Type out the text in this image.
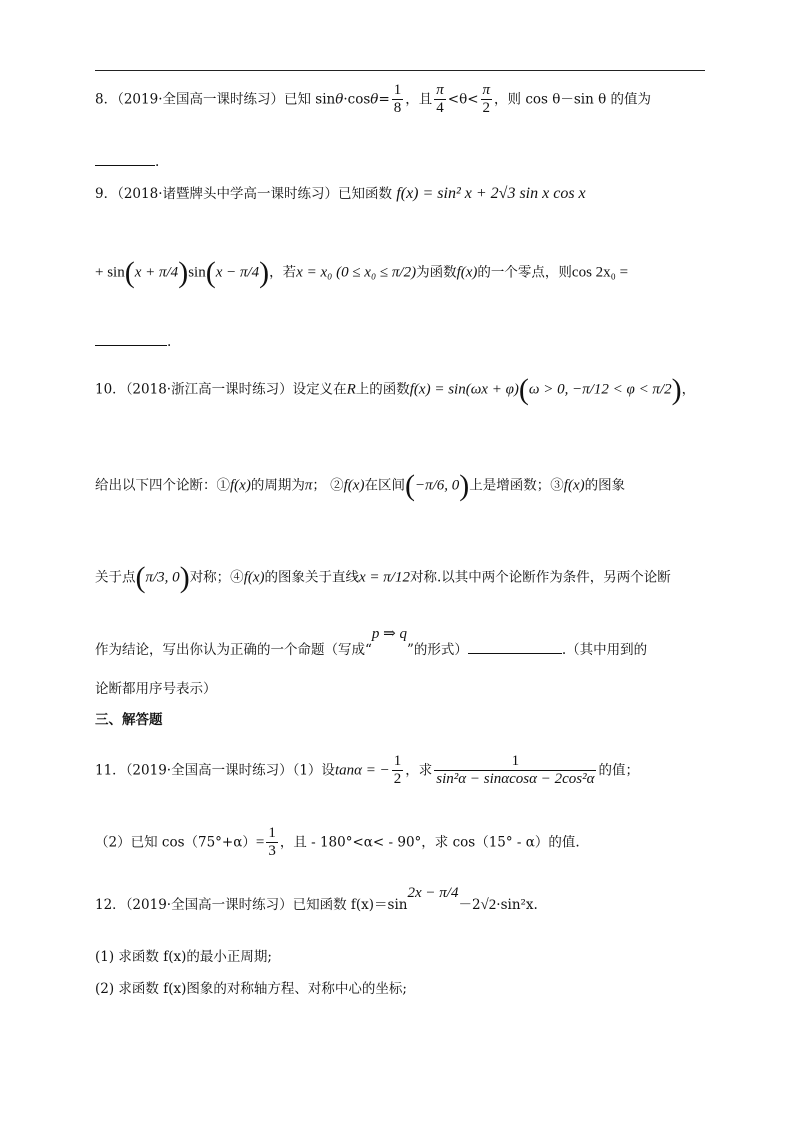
8．（2019·全国高一课时练习）已知 $\sin\theta\cdot\cos\theta= \frac{1}{8}$ ，且 $\frac{\pi}{4} <\theta< \frac{\pi}{2}$ ，则 cos θ－sin θ 的值为
.
9．（2018·诸暨牌头中学高一课时练习）已知函数 f(x) = sin² x + 2√3 sin x cos x
+ sin(x + π/4)sin(x − π/4)，若x = x₀ (0 ≤ x₀ ≤ π/2)为函数f(x)的一个零点，则cos 2x₀ =
.
10．（2018·浙江高一课时练习）设定义在R上的函数f(x) = sin(ωx + φ)(ω > 0, −π/12 < φ < π/2)，
给出以下四个论断：①f(x)的周期为π； ②f(x)在区间(−π/6, 0)上是增函数；③f(x)的图象
关于点(π/3, 0)对称；④f(x)的图象关于直线x = π/12对称.以其中两个论断作为条件，另两个论断
作为结论，写出你认为正确的一个命题（写成“p ⇒ q”的形式）	.（其中用到的
论断都用序号表示）
三、解答题
11．（2019·全国高一课时练习）（1）设tanα = − $\frac{1}{2}$ ，求 $\frac{1}{\text{sin²α − sinαcosα − 2cos²α}}$ 的值；
（2）已知 $\cos(75^\circ+\alpha)= \frac{1}{3}$ ，且 - 180°<α< - 90°，求 cos（15° - α）的值.
12．（2019·全国高一课时练习）已知函数 f(x)＝sin2x − π/4－2√2·sin²x.
(1) 求函数 f(x)的最小正周期;
(2) 求函数 f(x)图象的对称轴方程、对称中心的坐标;
